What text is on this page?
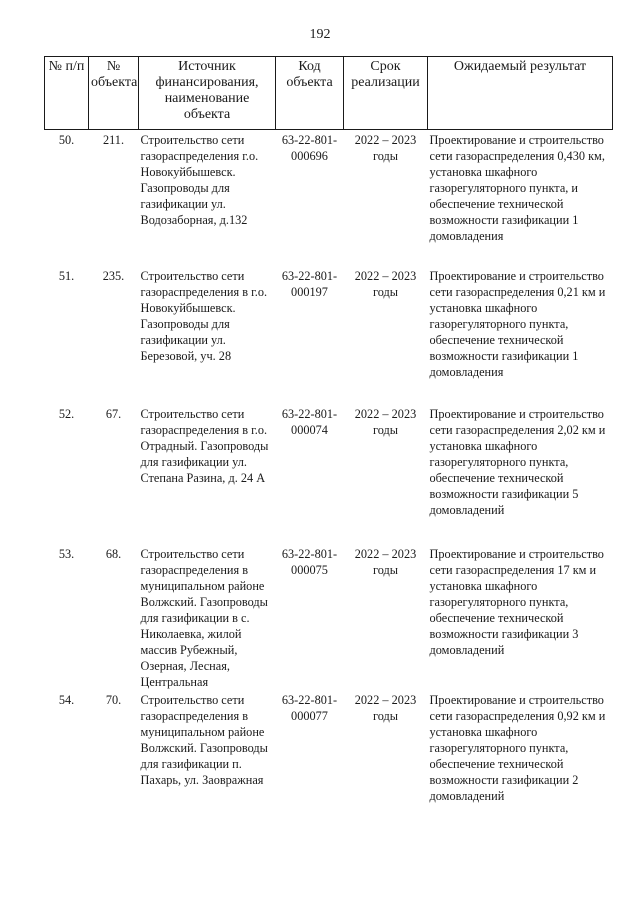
192
№ п/п	№ объекта	Источник финансирования, наименование объекта	Код объекта	Срок реализации	Ожидаемый результат
50.	211.	Строительство сети газораспределения г.о. Новокуйбышевск. Газопроводы для газификации ул. Водозаборная, д.132	63-22-801-000696	2022 – 2023 годы	Проектирование и строительство сети газораспределения 0,430 км, установка шкафного газорегуляторного пункта, и обеспечение технической возможности газификации 1 домовладения
51.	235.	Строительство сети газораспределения в г.о. Новокуйбышевск. Газопроводы для газификации ул. Березовой, уч. 28	63-22-801-000197	2022 – 2023 годы	Проектирование и строительство сети газораспределения 0,21 км и установка шкафного газорегуляторного пункта, обеспечение технической возможности газификации 1 домовладения
52.	67.	Строительство сети газораспределения в г.о. Отрадный. Газопроводы для газификации ул. Степана Разина, д. 24 А	63-22-801-000074	2022 – 2023 годы	Проектирование и строительство сети газораспределения 2,02 км и установка шкафного газорегуляторного пункта, обеспечение технической возможности газификации 5 домовладений
53.	68.	Строительство сети газораспределения в муниципальном районе Волжский. Газопроводы для газификации в с. Николаевка, жилой массив Рубежный, Озерная, Лесная, Центральная	63-22-801-000075	2022 – 2023 годы	Проектирование и строительство сети газораспределения 17 км и установка шкафного газорегуляторного пункта, обеспечение технической возможности газификации 3 домовладений
54.	70.	Строительство сети газораспределения в муниципальном районе Волжский. Газопроводы для газификации п. Пахарь, ул. Заовражная	63-22-801-000077	2022 – 2023 годы	Проектирование и строительство сети газораспределения 0,92 км и установка шкафного газорегуляторного пункта, обеспечение технической возможности газификации 2 домовладений
